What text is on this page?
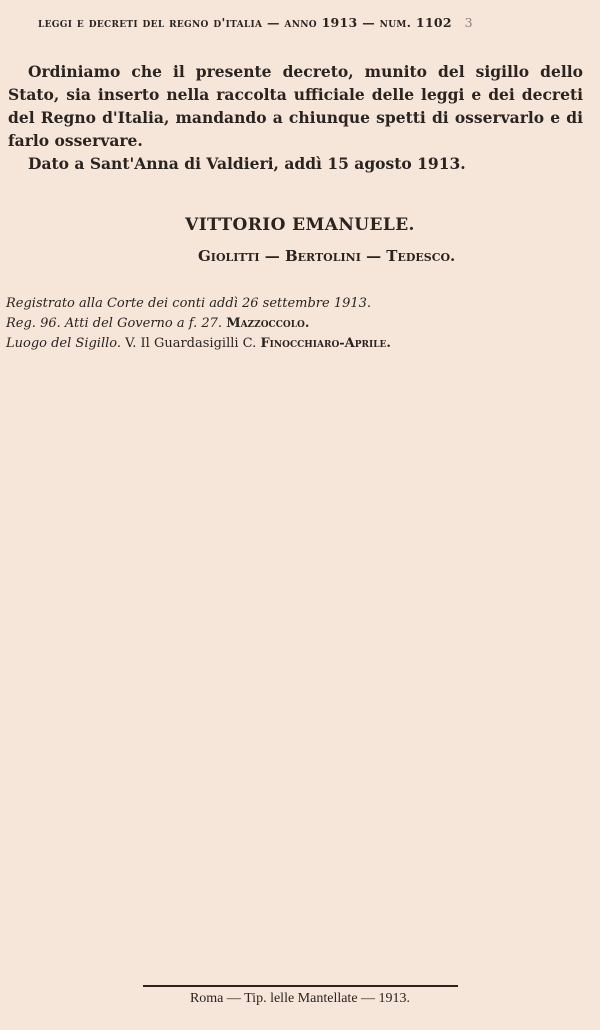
leggi e decreti del regno d'italia — anno 1913 — num. 1102 3

Ordiniamo che il presente decreto, munito del sigillo dello Stato, sia inserto nella raccolta ufficiale delle leggi e dei decreti del Regno d'Italia, mandando a chiunque spetti di osservarlo e di farlo osservare.

Dato a Sant'Anna di Valdieri, addì 15 agosto 1913.

VITTORIO EMANUELE.
Giolitti — Bertolini — Tedesco.
Registrato alla Corte dei conti addì 26 settembre 1913.
Reg. 96. Atti del Governo a f. 27. Mazzoccolo.
Luogo del Sigillo. V. Il Guardasigilli C. Finocchiaro-Aprile.
Roma — Tip. lelle Mantellate — 1913.
